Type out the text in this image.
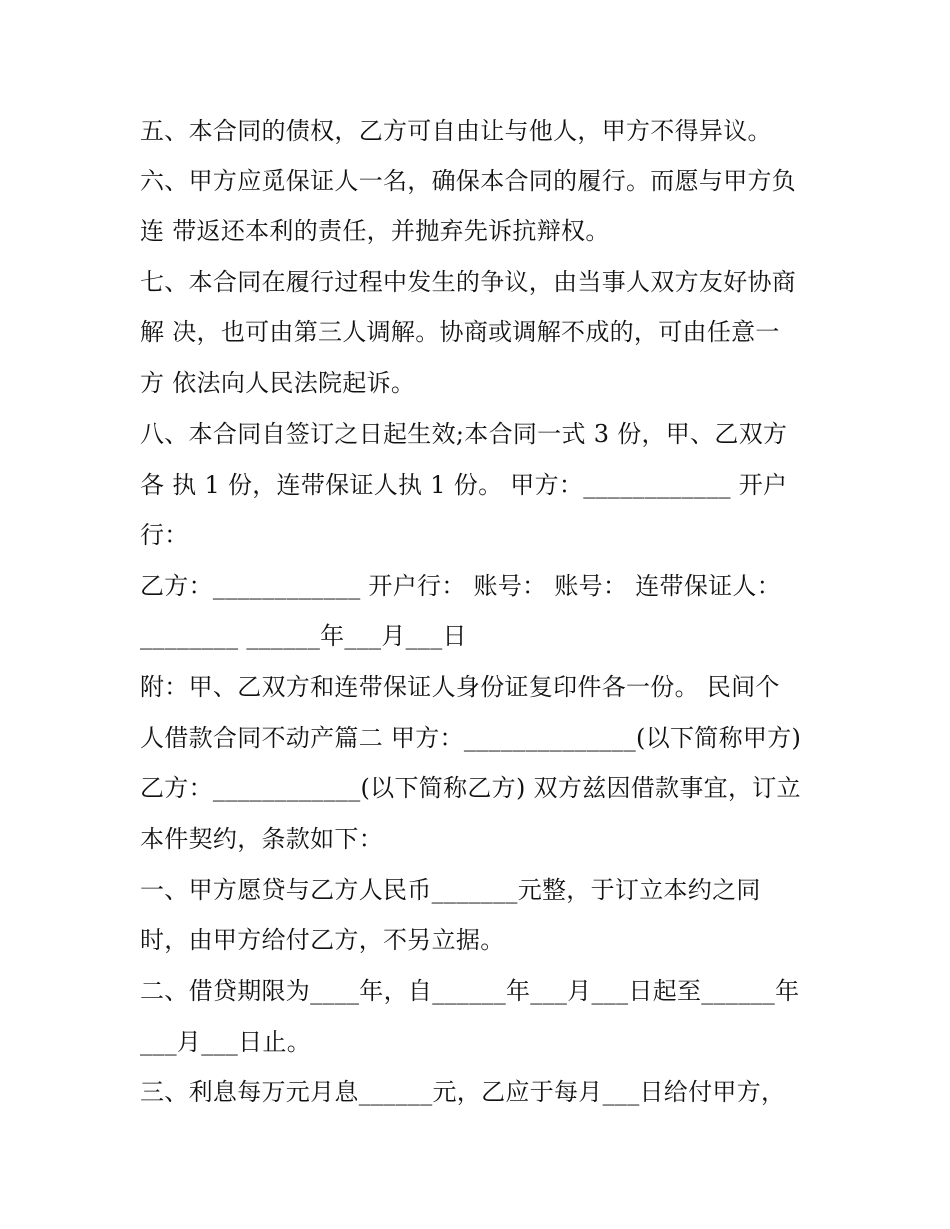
五、本合同的债权，乙方可自由让与他人，甲方不得异议。
六、甲方应觅保证人一名，确保本合同的履行。而愿与甲方负
连 带返还本利的责任，并抛弃先诉抗辩权。
七、本合同在履行过程中发生的争议，由当事人双方友好协商
解 决，也可由第三人调解。协商或调解不成的，可由任意一
方 依法向人民法院起诉。
八、本合同自签订之日起生效;本合同一式 3 份，甲、乙双方
各 执 1 份，连带保证人执 1 份。 甲方：____________ 开户
行：
乙方：____________ 开户行： 账号： 账号： 连带保证人：
________ ______年___月___日
附：甲、乙双方和连带保证人身份证复印件各一份。 民间个
人借款合同不动产篇二 甲方：______________(以下简称甲方)
乙方：____________(以下简称乙方) 双方兹因借款事宜，订立
本件契约，条款如下：
一、甲方愿贷与乙方人民币_______元整，于订立本约之同
时，由甲方给付乙方，不另立据。
二、借贷期限为____年，自______年___月___日起至______年
___月___日止。
三、利息每万元月息______元，乙应于每月___日给付甲方，
